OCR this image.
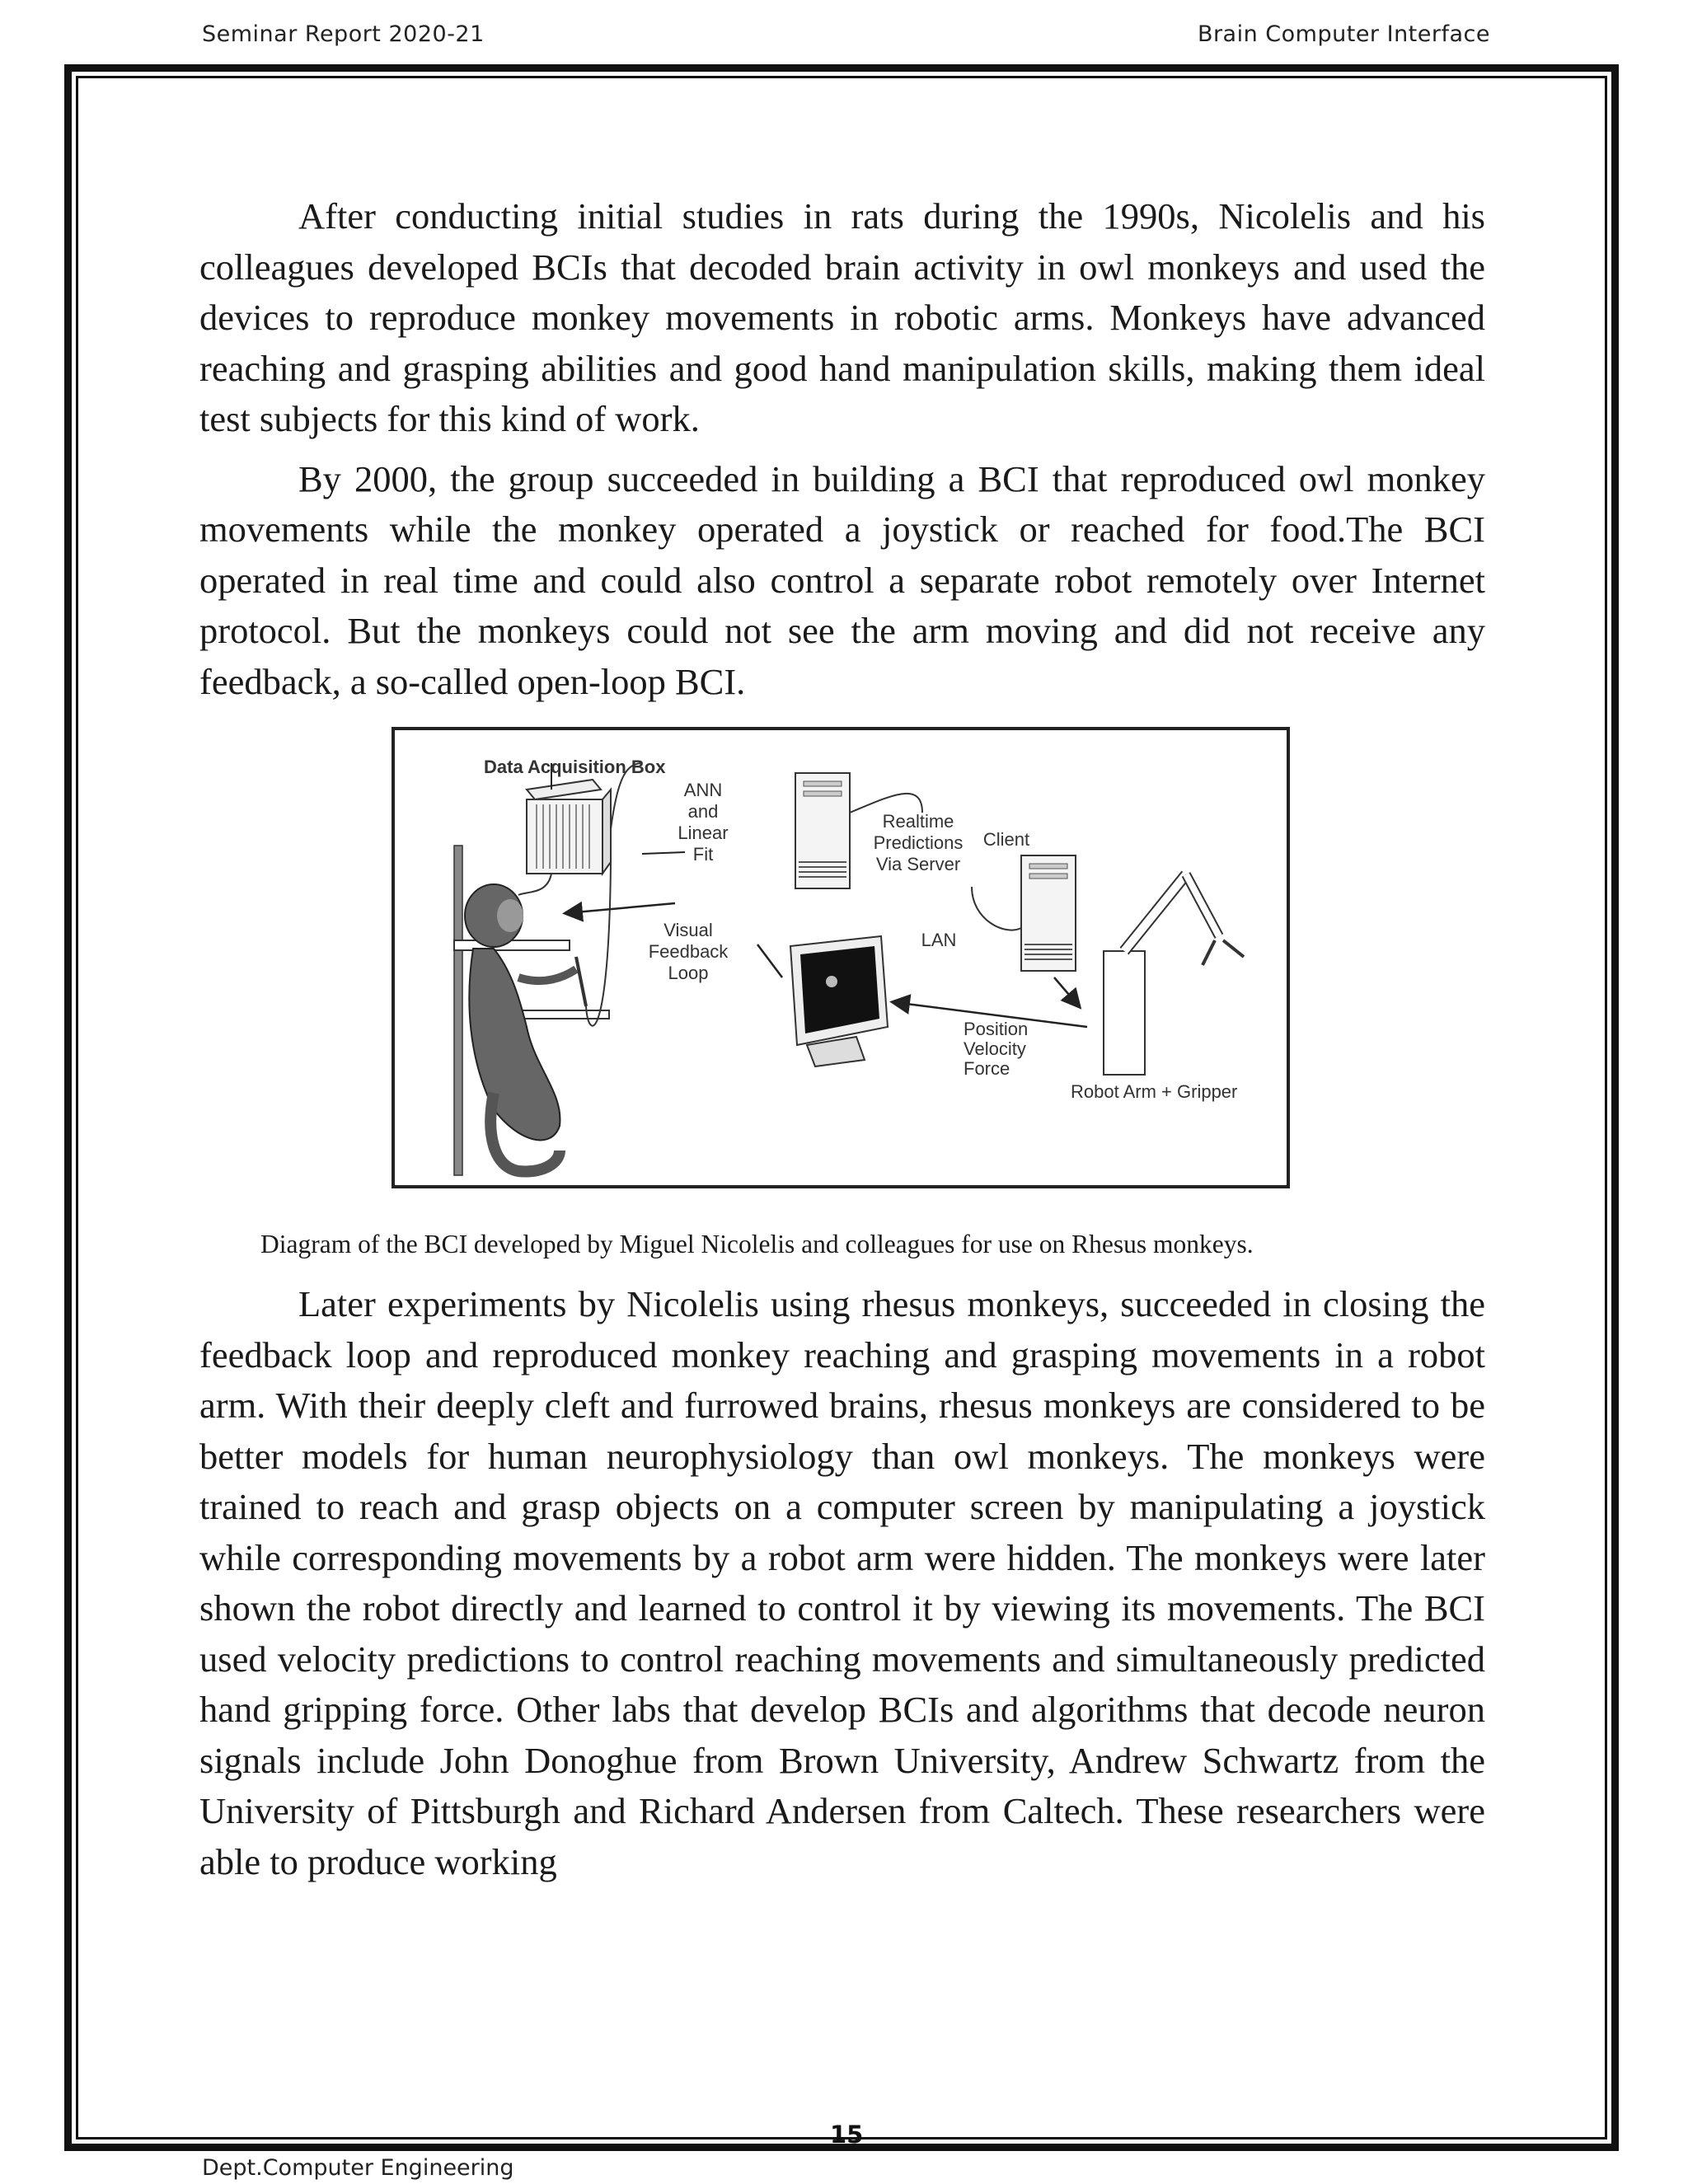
Seminar Report 2020-21	Brain Computer Interface

After conducting initial studies in rats during the 1990s, Nicolelis and his colleagues developed BCIs that decoded brain activity in owl monkeys and used the devices to reproduce monkey movements in robotic arms. Monkeys have advanced reaching and grasping abilities and good hand manipulation skills, making them ideal test subjects for this kind of work.

By 2000, the group succeeded in building a BCI that reproduced owl monkey movements while the monkey operated a joystick or reached for food.The BCI operated in real time and could also control a separate robot remotely over Internet protocol. But the monkeys could not see the arm moving and did not receive any feedback, a so-called open-loop BCI.

Data Acquisition Box
ANN
and
Linear
Fit
Realtime
Predictions
Via Server
Client
LAN
Visual
Feedback
Loop
Position
Velocity
Force
Robot Arm + Gripper
Diagram of the BCI developed by Miguel Nicolelis and colleagues for use on Rhesus monkeys.

Later experiments by Nicolelis using rhesus monkeys, succeeded in closing the feedback loop and reproduced monkey reaching and grasping movements in a robot arm. With their deeply cleft and furrowed brains, rhesus monkeys are considered to be better models for human neurophysiology than owl monkeys. The monkeys were trained to reach and grasp objects on a computer screen by manipulating a joystick while corresponding movements by a robot arm were hidden. The monkeys were later shown the robot directly and learned to control it by viewing its movements. The BCI used velocity predictions to control reaching movements and simultaneously predicted hand gripping force. Other labs that develop BCIs and algorithms that decode neuron signals include John Donoghue from Brown University, Andrew Schwartz from the University of Pittsburgh and Richard Andersen from Caltech. These researchers were able to produce working

15
Dept.Computer Engineering
